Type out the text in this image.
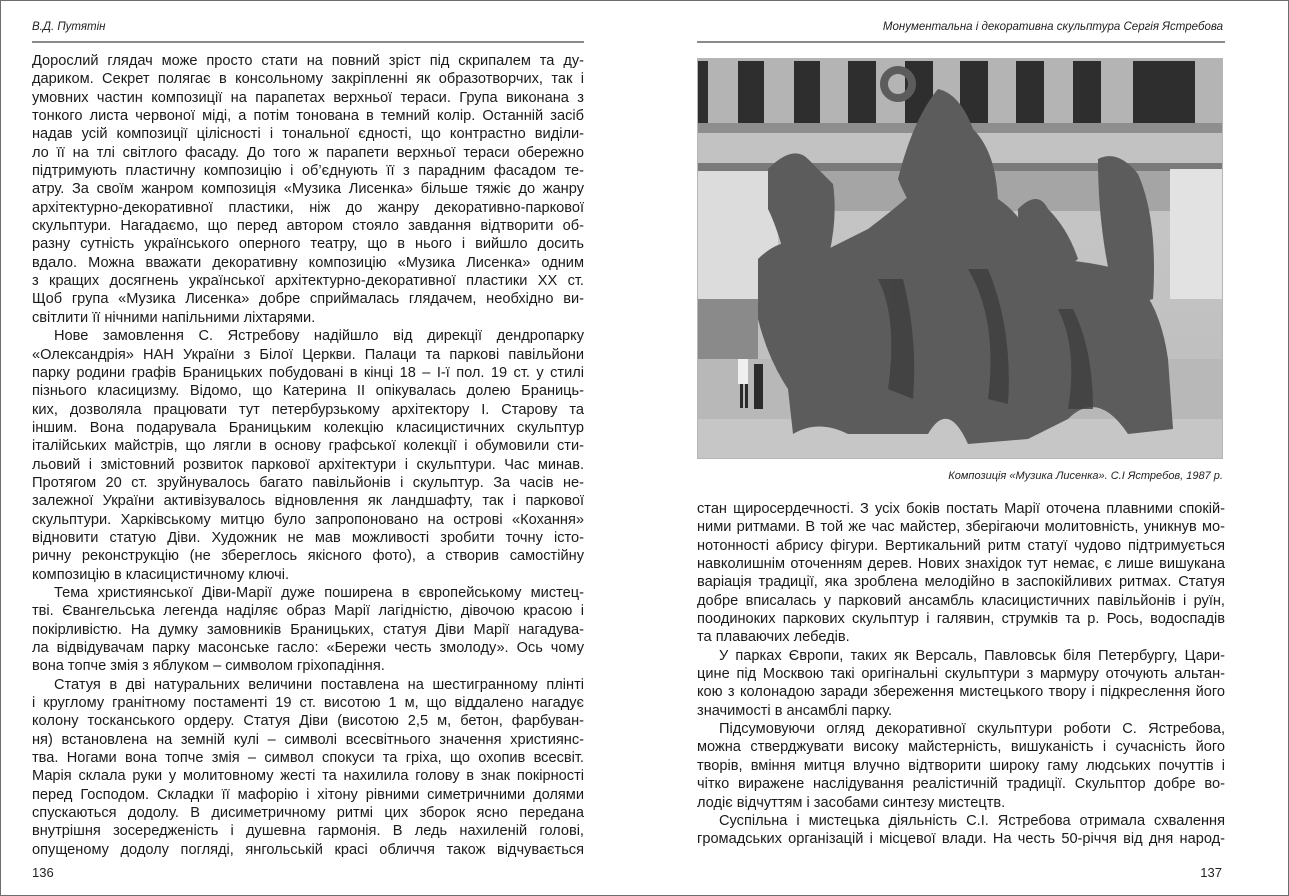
В.Д. Путятін
Дорослий глядач може просто стати на повний зріст під скрипалем та ду-
дариком. Секрет полягає в консольному закріпленні як образотворчих, так і
умовних частин композиції на парапетах верхньої тераси. Група виконана з
тонкого листа червоної міді, а потім тонована в темний колір. Останній засіб
надав усій композиції цілісності і тональної єдності, що контрастно виділи-
ло її на тлі світлого фасаду. До того ж парапети верхньої тераси обережно
підтримують пластичну композицію і об’єднують її з парадним фасадом те-
атру. За своїм жанром композиція «Музика Лисенка» більше тяжіє до жанру
архітектурно-декоративної пластики, ніж до жанру декоративно-паркової
скульптури. Нагадаємо, що перед автором стояло завдання відтворити об-
разну сутність українського оперного театру, що в нього і вийшло досить
вдало. Можна вважати декоративну композицію «Музика Лисенка» одним
з кращих досягнень української архітектурно-декоративної пластики XX ст.
Щоб група «Музика Лисенка» добре сприймалась глядачем, необхідно ви-
світлити її нічними напільними ліхтарями.
Нове замовлення С. Ястребову надійшло від дирекції дендропарку
«Олександрія» НАН України з Білої Церкви. Палаци та паркові павільйони
парку родини графів Браницьких побудовані в кінці 18 – І-ї пол. 19 ст. у стилі
пізнього класицизму. Відомо, що Катерина II опікувалась долею Браниць-
ких, дозволяла працювати тут петербурзькому архітектору І. Старову та
іншим. Вона подарувала Браницьким колекцію класицистичних скульптур
італійських майстрів, що лягли в основу графської колекції і обумовили сти-
льовий і змістовний розвиток паркової архітектури і скульптури. Час минав.
Протягом 20 ст. зруйнувалось багато павільйонів і скульптур. За часів не-
залежної України активізувалось відновлення як ландшафту, так і паркової
скульптури. Харківському митцю було запропоновано на острові «Кохання»
відновити статую Діви. Художник не мав можливості зробити точну істо-
ричну реконструкцію (не збереглось якісного фото), а створив самостійну
композицію в класицистичному ключі.
Тема християнської Діви-Марії дуже поширена в європейському мистец-
тві. Євангельська легенда наділяє образ Марії лагідністю, дівочою красою і
покірливістю. На думку замовників Браницьких, статуя Діви Марії нагадува-
ла відвідувачам парку масонське гасло: «Бережи честь змолоду». Ось чому
вона топче змія з яблуком – символом гріхопадіння.
Статуя в дві натуральних величини поставлена на шестигранному плінті
і круглому гранітному постаменті 19 ст. висотою 1 м, що віддалено нагадує
колону тосканського ордеру. Статуя Діви (висотою 2,5 м, бетон, фарбуван-
ня) встановлена на земній кулі – символі всесвітнього значення християнс-
тва. Ногами вона топче змія – символ спокуси та гріха, що охопив всесвіт.
Марія склала руки у молитовному жесті та нахилила голову в знак покірності
перед Господом. Складки її мафорію і хітону рівними симетричними долями
спускаються додолу. В дисиметричному ритмі цих зборок ясно передана
внутрішня зосередженість і душевна гармонія. В ледь нахиленій голові,
опущеному додолу погляді, янгольській красі обличчя також відчувається
136
Монументальна і декоративна скульптура Сергія Ястребова
Композиція «Музика Лисенка». С.І Ястребов, 1987 р.
стан щиросердечності. З усіх боків постать Марії оточена плавними спокій-
ними ритмами. В той же час майстер, зберігаючи молитовність, уникнув мо-
нотонності абрису фігури. Вертикальний ритм статуї чудово підтримується
навколишнім оточенням дерев. Нових знахідок тут немає, є лише вишукана
варіація традиції, яка зроблена мелодійно в заспокійливих ритмах. Статуя
добре вписалась у парковий ансамбль класицистичних павільйонів і руїн,
поодиноких паркових скульптур і галявин, струмків та р. Рось, водоспадів
та плаваючих лебедів.
У парках Європи, таких як Версаль, Павловськ біля Петербургу, Цари-
цине під Москвою такі оригінальні скульптури з мармуру оточують альтан-
кою з колонадою заради збереження мистецького твору і підкреслення його
значимості в ансамблі парку.
Підсумовуючи огляд декоративної скульптури роботи С. Ястребова,
можна стверджувати високу майстерність, вишуканість і сучасність його
творів, вміння митця влучно відтворити широку гаму людських почуттів і
чітко виражене наслідування реалістичній традиції. Скульптор добре во-
лодіє відчуттям і засобами синтезу мистецтв.
Суспільна і мистецька діяльність С.І. Ястребова отримала схвалення
громадських організацій і місцевої влади. На честь 50-річчя від дня народ-
137
